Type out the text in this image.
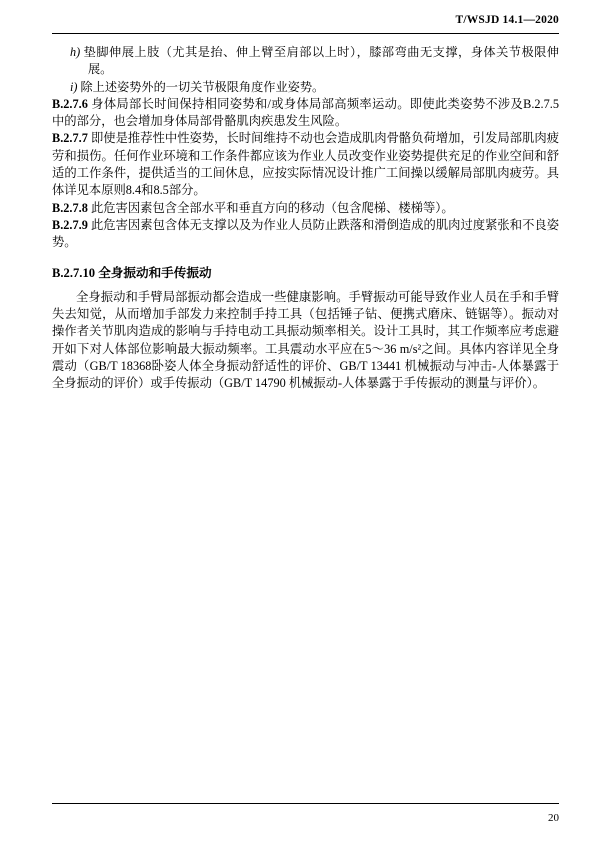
T/WSJD 14.1—2020

h) 垫脚伸展上肢（尤其是抬、伸上臂至肩部以上时），膝部弯曲无支撑，身体关节极限伸展。

i) 除上述姿势外的一切关节极限角度作业姿势。

B.2.7.6 身体局部长时间保持相同姿势和/或身体局部高频率运动。即使此类姿势不涉及B.2.7.5中的部分，也会增加身体局部骨骼肌肉疾患发生风险。

B.2.7.7 即使是推荐性中性姿势，长时间维持不动也会造成肌肉骨骼负荷增加，引发局部肌肉疲劳和损伤。任何作业环境和工作条件都应该为作业人员改变作业姿势提供充足的作业空间和舒适的工作条件，提供适当的工间休息，应按实际情况设计推广工间操以缓解局部肌肉疲劳。具体详见本原则8.4和8.5部分。

B.2.7.8 此危害因素包含全部水平和垂直方向的移动（包含爬梯、楼梯等）。

B.2.7.9 此危害因素包含体无支撑以及为作业人员防止跌落和滑倒造成的肌肉过度紧张和不良姿势。

B.2.7.10 全身振动和手传振动

全身振动和手臂局部振动都会造成一些健康影响。手臂振动可能导致作业人员在手和手臂失去知觉，从而增加手部发力来控制手持工具（包括锤子钻、便携式磨床、链锯等）。振动对操作者关节肌肉造成的影响与手持电动工具振动频率相关。设计工具时，其工作频率应考虑避开如下对人体部位影响最大振动频率。工具震动水平应在5～36 m/s²之间。具体内容详见全身震动（GB/T 18368卧姿人体全身振动舒适性的评价、GB/T 13441 机械振动与冲击-人体暴露于全身振动的评价）或手传振动（GB/T 14790 机械振动-人体暴露于手传振动的测量与评价）。

20
